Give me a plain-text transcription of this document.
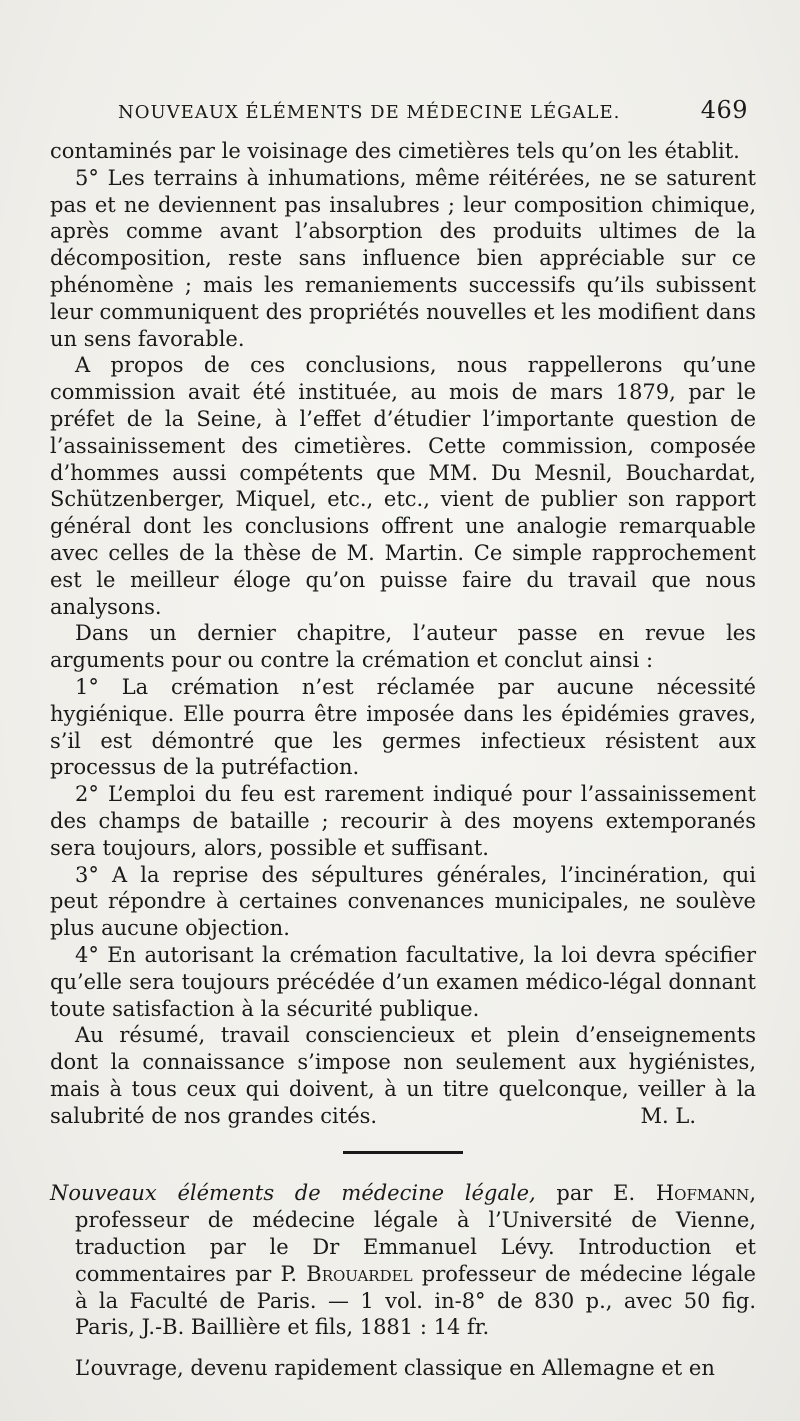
NOUVEAUX ÉLÉMENTS DE MÉDECINE LÉGALE.	469

contaminés par le voisinage des cimetières tels qu’on les établit.

5° Les terrains à inhumations, même réitérées, ne se saturent pas et ne deviennent pas insalubres ; leur composition chimique, après comme avant l’absorption des produits ultimes de la décomposition, reste sans influence bien appréciable sur ce phénomène ; mais les remaniements successifs qu’ils subissent leur communiquent des propriétés nouvelles et les modifient dans un sens favorable.

A propos de ces conclusions, nous rappellerons qu’une commission avait été instituée, au mois de mars 1879, par le préfet de la Seine, à l’effet d’étudier l’importante question de l’assainissement des cimetières. Cette commission, composée d’hommes aussi compétents que MM. Du Mesnil, Bouchardat, Schützenberger, Miquel, etc., etc., vient de publier son rapport général dont les conclusions offrent une analogie remarquable avec celles de la thèse de M. Martin. Ce simple rapprochement est le meilleur éloge qu’on puisse faire du travail que nous analysons.

Dans un dernier chapitre, l’auteur passe en revue les arguments pour ou contre la crémation et conclut ainsi :

1° La crémation n’est réclamée par aucune nécessité hygiénique. Elle pourra être imposée dans les épidémies graves, s’il est démontré que les germes infectieux résistent aux processus de la putréfaction.

2° L’emploi du feu est rarement indiqué pour l’assainissement des champs de bataille ; recourir à des moyens extemporanés sera toujours, alors, possible et suffisant.

3° A la reprise des sépultures générales, l’incinération, qui peut répondre à certaines convenances municipales, ne soulève plus aucune objection.

4° En autorisant la crémation facultative, la loi devra spécifier qu’elle sera toujours précédée d’un examen médico-légal donnant toute satisfaction à la sécurité publique.

Au résumé, travail consciencieux et plein d’enseignements dont la connaissance s’impose non seulement aux hygiénistes, mais à tous ceux qui doivent, à un titre quelconque, veiller à la salubrité de nos grandes cités.	M. L.

Nouveaux éléments de médecine légale, par E. Hofmann, professeur de médecine légale à l’Université de Vienne, traduction par le Dr Emmanuel Lévy. Introduction et commentaires par P. Brouardel professeur de médecine légale à la Faculté de Paris. — 1 vol. in-8° de 830 p., avec 50 fig. Paris, J.-B. Baillière et fils, 1881 : 14 fr.

L’ouvrage, devenu rapidement classique en Allemagne et en
